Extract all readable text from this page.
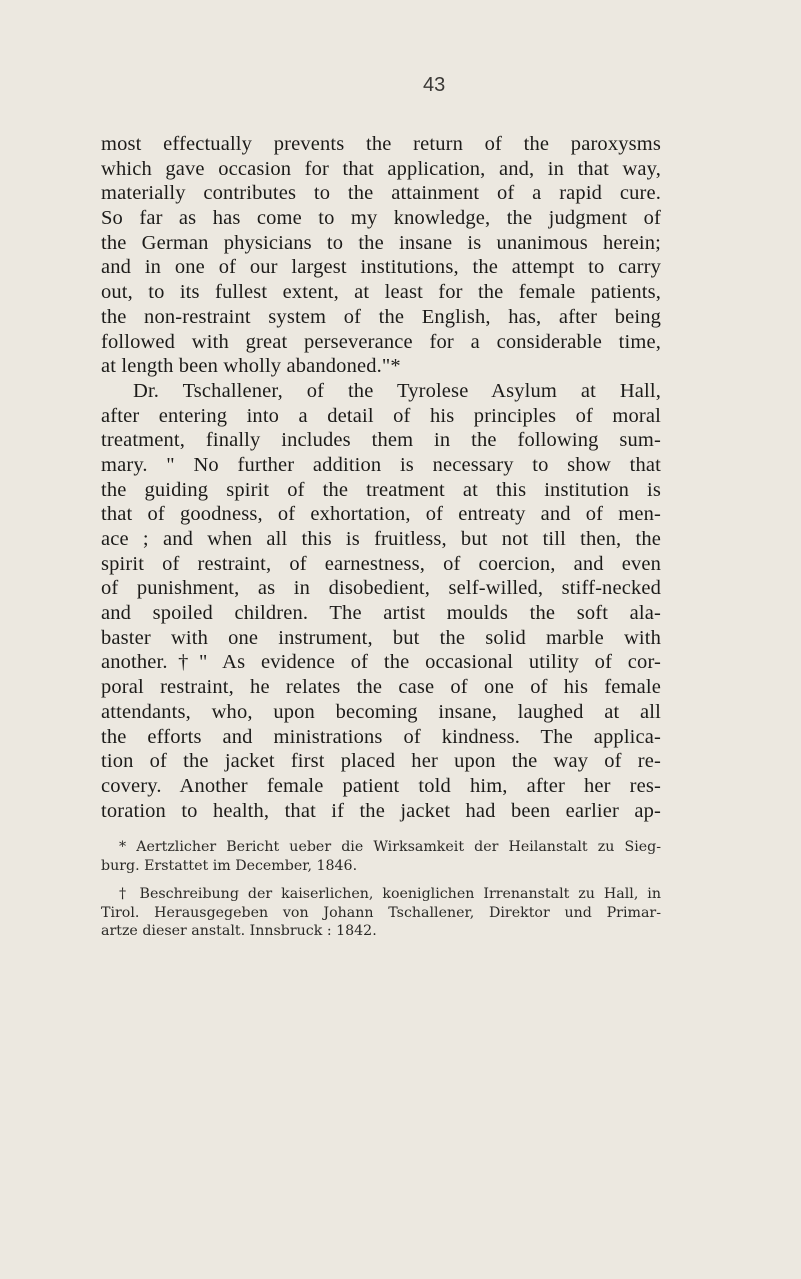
43
most effectually prevents the return of the paroxysms
which gave occasion for that application, and, in that way,
materially contributes to the attainment of a rapid cure.
So far as has come to my knowledge, the judgment of
the German physicians to the insane is unanimous herein;
and in one of our largest institutions, the attempt to carry
out, to its fullest extent, at least for the female patients,
the non-restraint system of the English, has, after being
followed with great perseverance for a considerable time,
at length been wholly abandoned."*
Dr. Tschallener, of the Tyrolese Asylum at Hall,
after entering into a detail of his principles of moral
treatment, finally includes them in the following sum-
mary. " No further addition is necessary to show that
the guiding spirit of the treatment at this institution is
that of goodness, of exhortation, of entreaty and of men-
ace ; and when all this is fruitless, but not till then, the
spirit of restraint, of earnestness, of coercion, and even
of punishment, as in disobedient, self-willed, stiff-necked
and spoiled children. The artist moulds the soft ala-
baster with one instrument, but the solid marble with
another.†" As evidence of the occasional utility of cor-
poral restraint, he relates the case of one of his female
attendants, who, upon becoming insane, laughed at all
the efforts and ministrations of kindness. The applica-
tion of the jacket first placed her upon the way of re-
covery. Another female patient told him, after her res-
toration to health, that if the jacket had been earlier ap-
* Aertzlicher Bericht ueber die Wirksamkeit der Heilanstalt zu Sieg-
burg. Erstattet im December, 1846.
† Beschreibung der kaiserlichen, koeniglichen Irrenanstalt zu Hall, in
Tirol. Herausgegeben von Johann Tschallener, Direktor und Primar-
artze dieser anstalt. Innsbruck : 1842.
